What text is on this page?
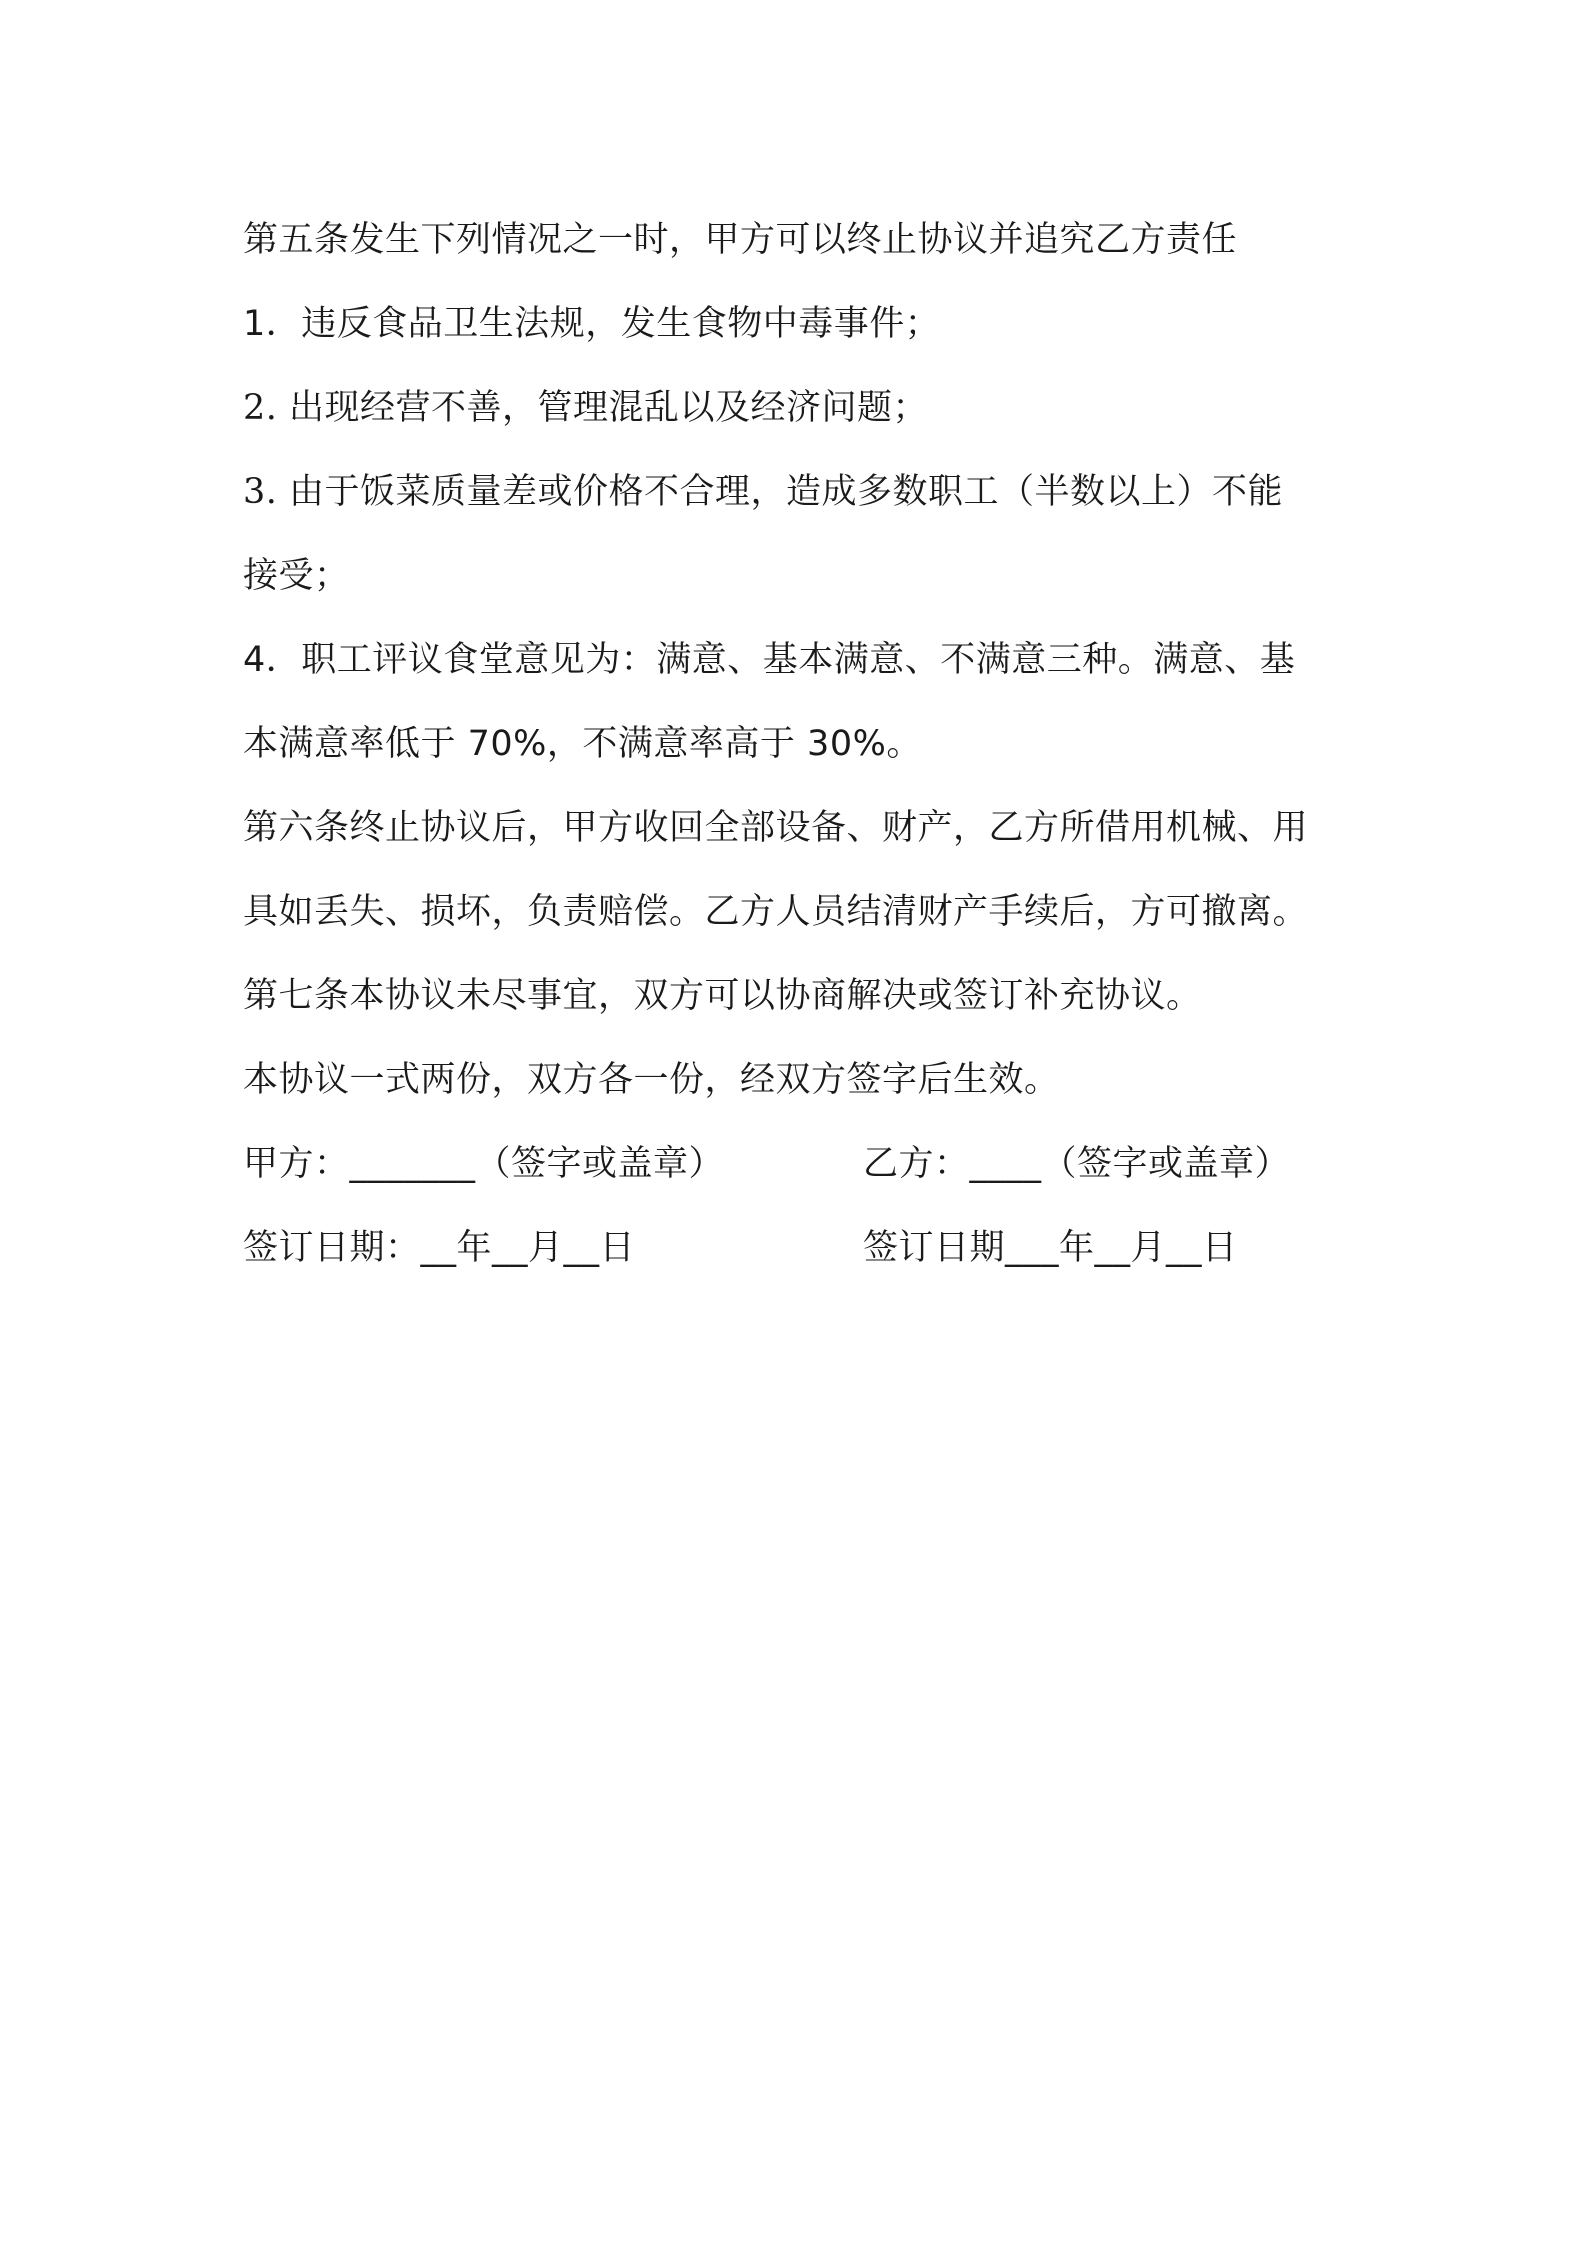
第五条发生下列情况之一时，甲方可以终止协议并追究乙方责任
1．违反食品卫生法规，发生食物中毒事件；
2. 出现经营不善，管理混乱以及经济问题；
3. 由于饭菜质量差或价格不合理，造成多数职工（半数以上）不能
接受；
4．职工评议食堂意见为：满意、基本满意、不满意三种。满意、基
本满意率低于 70%，不满意率高于 30%。
第六条终止协议后，甲方收回全部设备、财产，乙方所借用机械、用
具如丢失、损坏，负责赔偿。乙方人员结清财产手续后，方可撤离。
第七条本协议未尽事宜，双方可以协商解决或签订补充协议。
本协议一式两份，双方各一份，经双方签字后生效。
甲方：_______（签字或盖章）	乙方：____（签字或盖章）
签订日期：__年__月__日	签订日期___年__月__日
